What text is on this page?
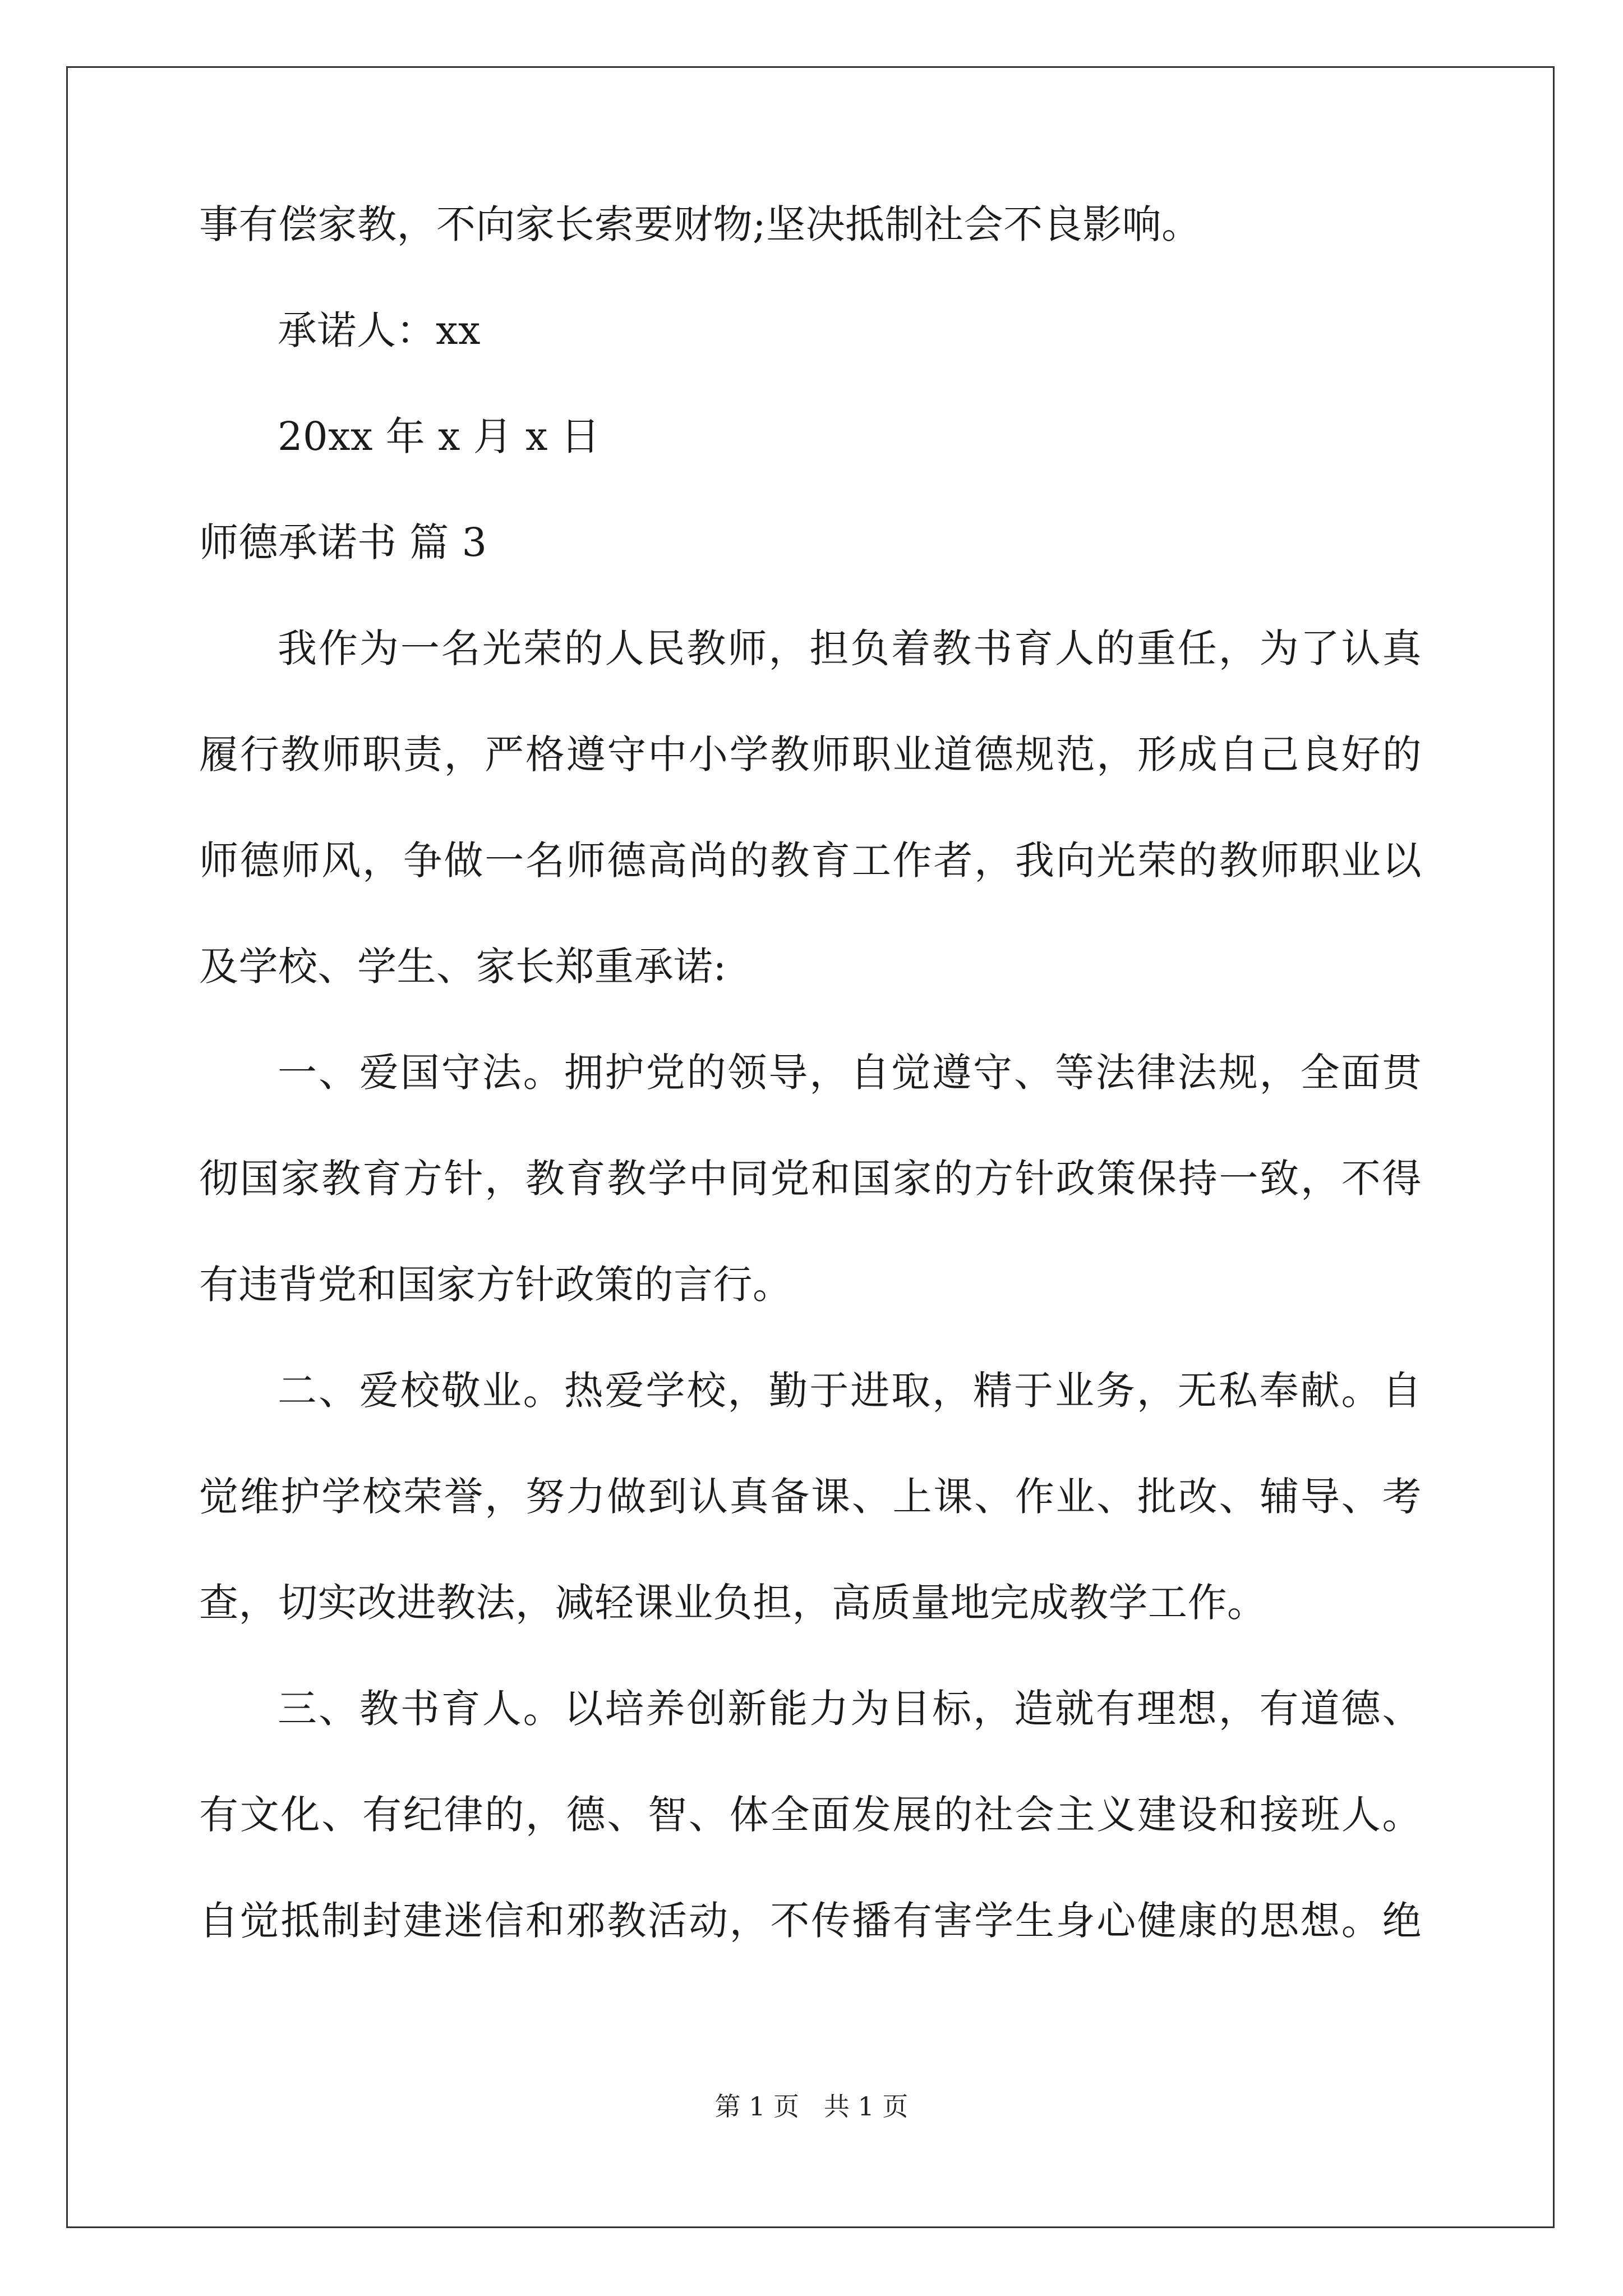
事有偿家教，不向家长索要财物;坚决抵制社会不良影响。
承诺人：xx
20xx 年 x 月 x 日
师德承诺书 篇 3
我作为一名光荣的人民教师，担负着教书育人的重任，为了认真
履行教师职责，严格遵守中小学教师职业道德规范，形成自己良好的
师德师风，争做一名师德高尚的教育工作者，我向光荣的教师职业以
及学校、学生、家长郑重承诺:
一、爱国守法。拥护党的领导，自觉遵守、等法律法规，全面贯
彻国家教育方针，教育教学中同党和国家的方针政策保持一致，不得
有违背党和国家方针政策的言行。
二、爱校敬业。热爱学校，勤于进取，精于业务，无私奉献。自
觉维护学校荣誉，努力做到认真备课、上课、作业、批改、辅导、考
查，切实改进教法，减轻课业负担，高质量地完成教学工作。
三、教书育人。以培养创新能力为目标，造就有理想，有道德、
有文化、有纪律的，德、智、体全面发展的社会主义建设和接班人。
自觉抵制封建迷信和邪教活动，不传播有害学生身心健康的思想。绝
第 1 页   共 1 页
